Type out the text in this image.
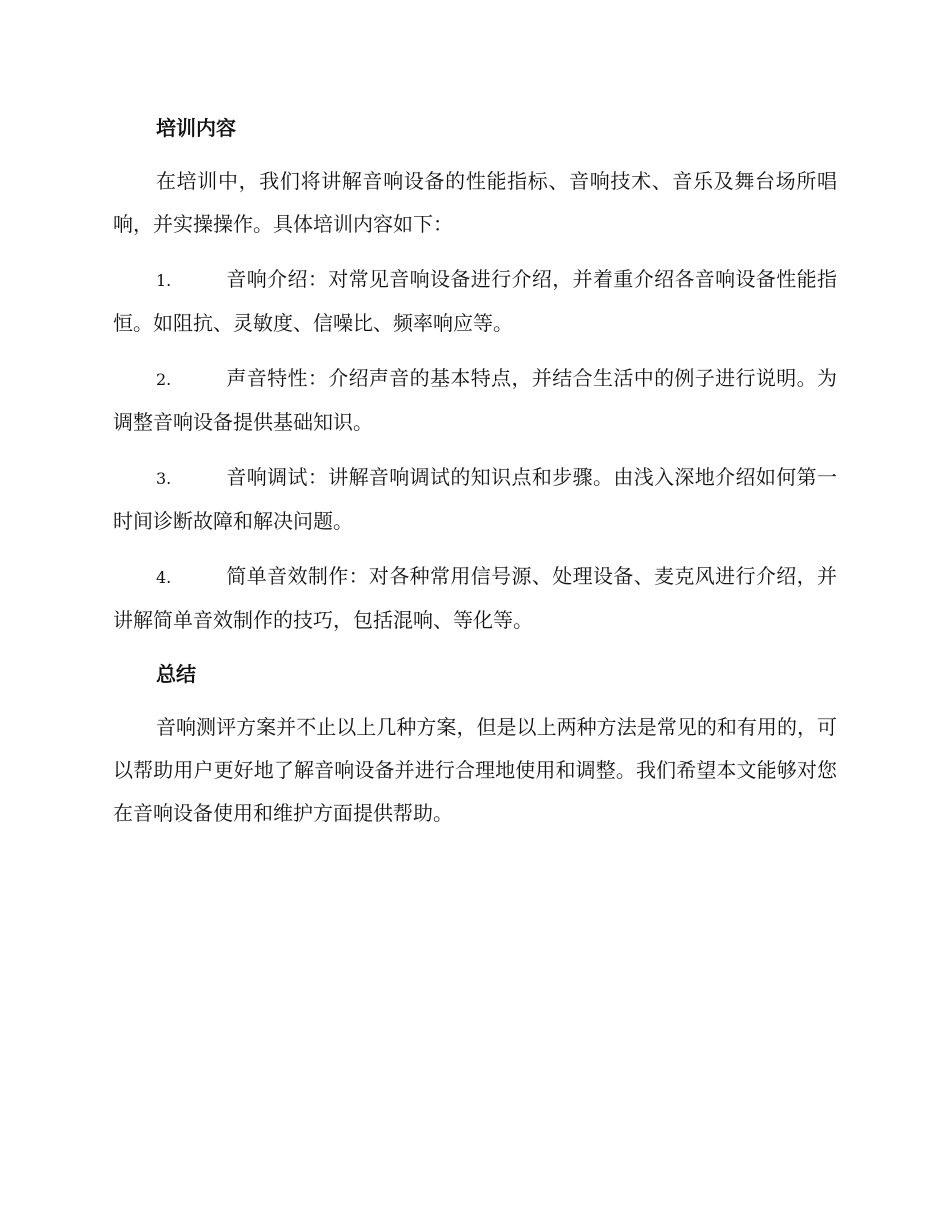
培训内容

在培训中，我们将讲解音响设备的性能指标、音响技术、音乐及舞台场所唱响，并实操操作。具体培训内容如下：

1.	音响介绍：对常见音响设备进行介绍，并着重介绍各音响设备性能指恒。如阻抗、灵敏度、信噪比、频率响应等。

2.	声音特性：介绍声音的基本特点，并结合生活中的例子进行说明。为调整音响设备提供基础知识。

3.	音响调试：讲解音响调试的知识点和步骤。由浅入深地介绍如何第一时间诊断故障和解决问题。

4.	简单音效制作：对各种常用信号源、处理设备、麦克风进行介绍，并讲解简单音效制作的技巧，包括混响、等化等。

总结

音响测评方案并不止以上几种方案，但是以上两种方法是常见的和有用的，可以帮助用户更好地了解音响设备并进行合理地使用和调整。我们希望本文能够对您在音响设备使用和维护方面提供帮助。
